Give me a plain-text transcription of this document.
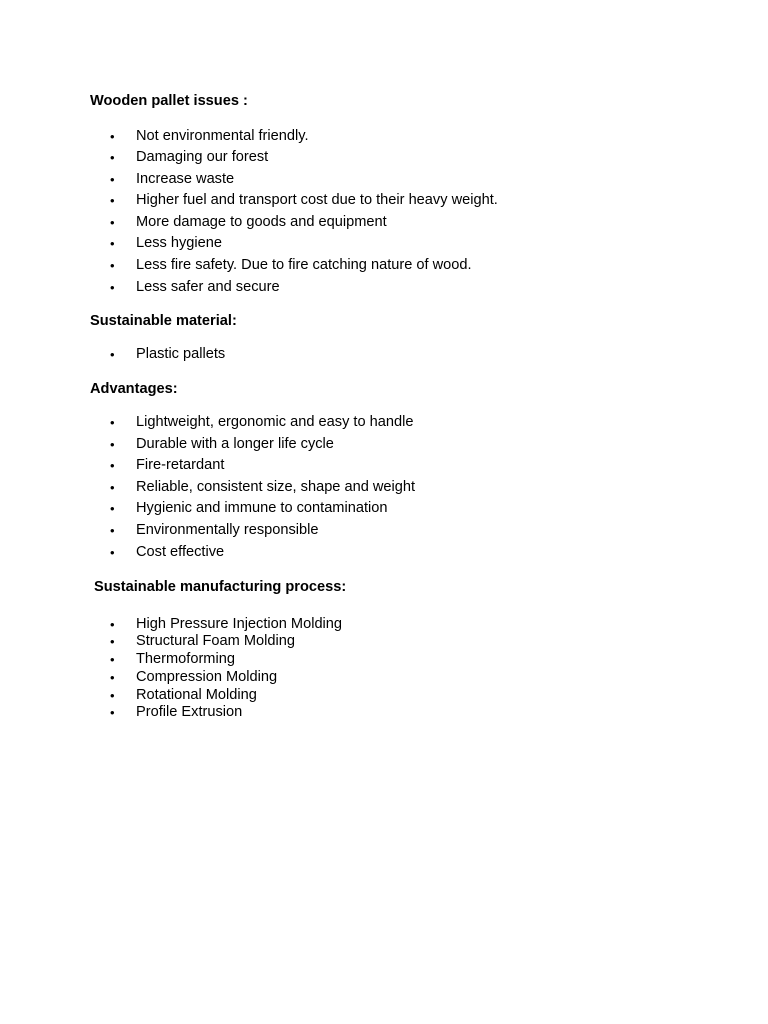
Wooden pallet issues :
• Not environmental friendly.
• Damaging our forest
• Increase waste
• Higher fuel and transport cost due to their heavy weight.
• More damage to goods and equipment
• Less hygiene
• Less fire safety. Due to fire catching nature of wood.
• Less safer and secure
Sustainable material:
• Plastic pallets
Advantages:
• Lightweight, ergonomic and easy to handle
• Durable with a longer life cycle
• Fire-retardant
• Reliable, consistent size, shape and weight
• Hygienic and immune to contamination
• Environmentally responsible
• Cost effective
Sustainable manufacturing process:
• High Pressure Injection Molding
• Structural Foam Molding
• Thermoforming
• Compression Molding
• Rotational Molding
• Profile Extrusion
